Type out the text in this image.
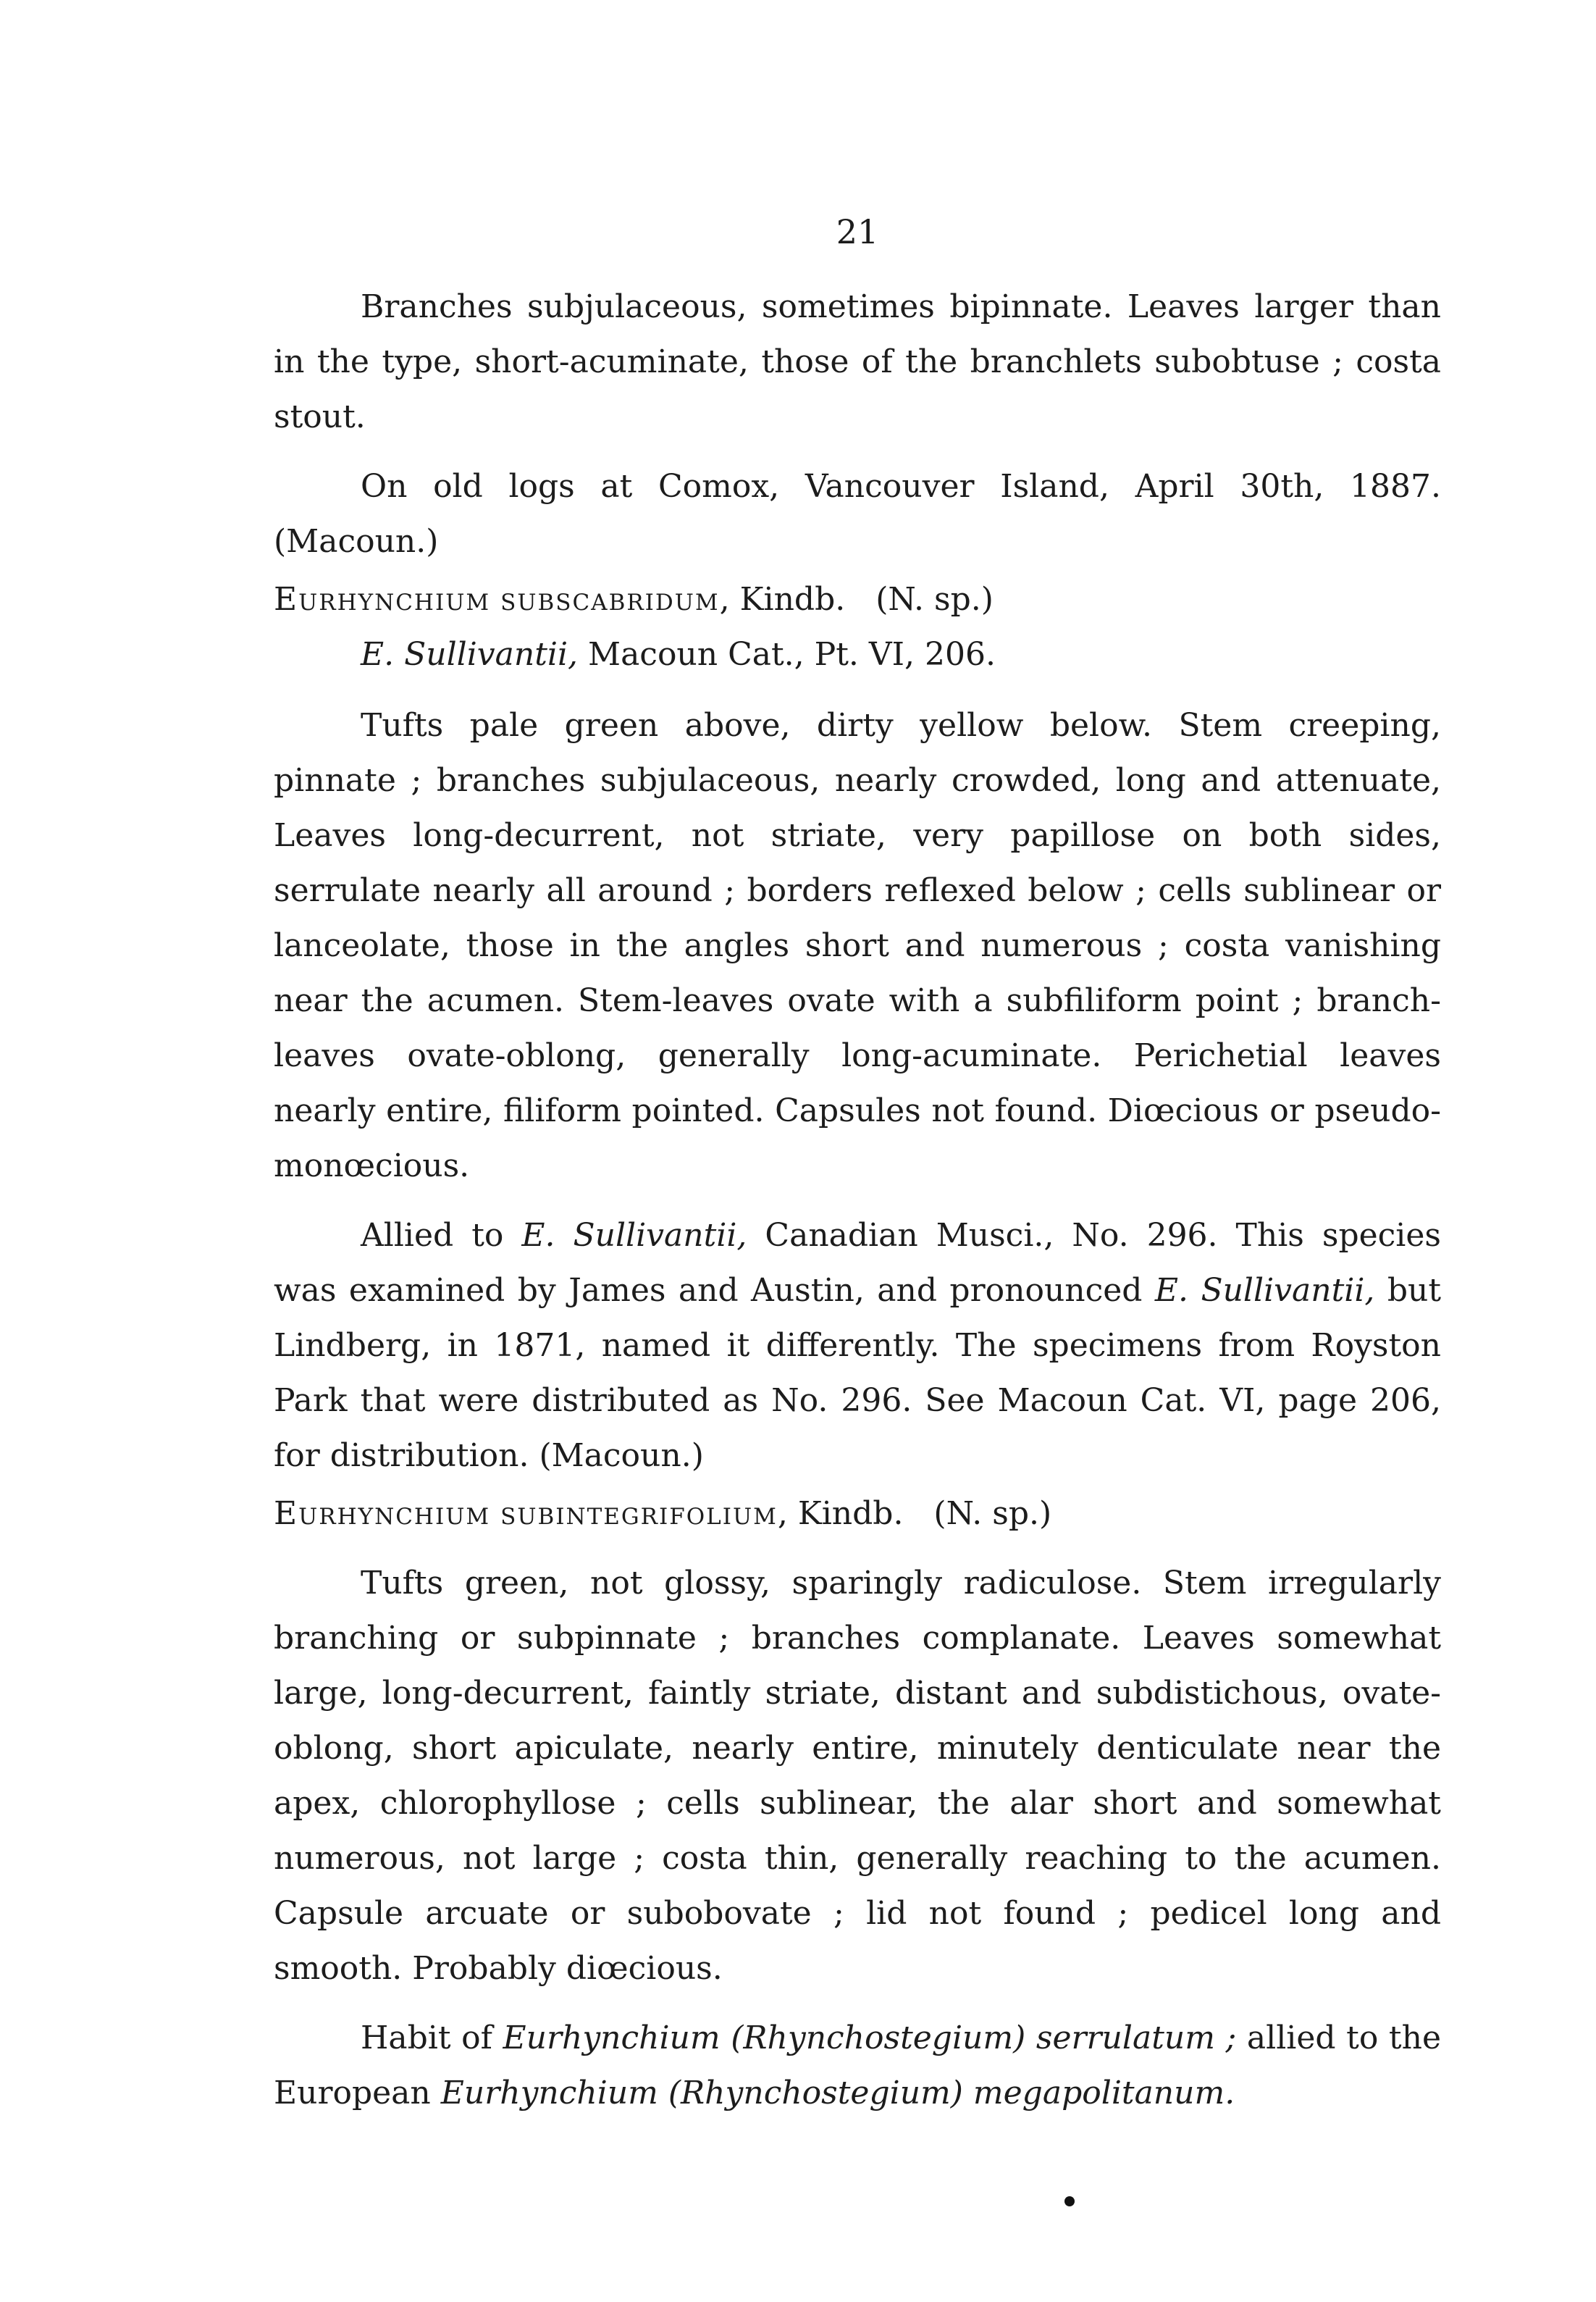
21

Branches subjulaceous, sometimes bipinnate. Leaves larger than in the type, short-acuminate, those of the branchlets subobtuse ; costa stout.

On old logs at Comox, Vancouver Island, April 30th, 1887. (Macoun.)

Eurhynchium subscabridum, Kindb. (N. sp.)

E. Sullivantii, Macoun Cat., Pt. VI, 206.

Tufts pale green above, dirty yellow below. Stem creeping, pinnate ; branches subjulaceous, nearly crowded, long and attenuate, Leaves long-decurrent, not striate, very papillose on both sides, serrulate nearly all around ; borders reflexed below ; cells sublinear or lanceolate, those in the angles short and numerous ; costa vanishing near the acumen. Stem-leaves ovate with a subfiliform point ; branch-leaves ovate-oblong, generally long-acuminate. Perichetial leaves nearly entire, filiform pointed. Capsules not found. Diœcious or pseudo-monœcious.

Allied to E. Sullivantii, Canadian Musci., No. 296. This species was examined by James and Austin, and pronounced E. Sullivantii, but Lindberg, in 1871, named it differently. The specimens from Royston Park that were distributed as No. 296. See Macoun Cat. VI, page 206, for distribution. (Macoun.)

Eurhynchium subintegrifolium, Kindb. (N. sp.)

Tufts green, not glossy, sparingly radiculose. Stem irregularly branching or subpinnate ; branches complanate. Leaves somewhat large, long-decurrent, faintly striate, distant and subdistichous, ovate-oblong, short apiculate, nearly entire, minutely denticulate near the apex, chlorophyllose ; cells sublinear, the alar short and somewhat numerous, not large ; costa thin, generally reaching to the acumen. Capsule arcuate or subobovate ; lid not found ; pedicel long and smooth. Probably diœcious.

Habit of Eurhynchium (Rhynchostegium) serrulatum ; allied to the European Eurhynchium (Rhynchostegium) megapolitanum.
